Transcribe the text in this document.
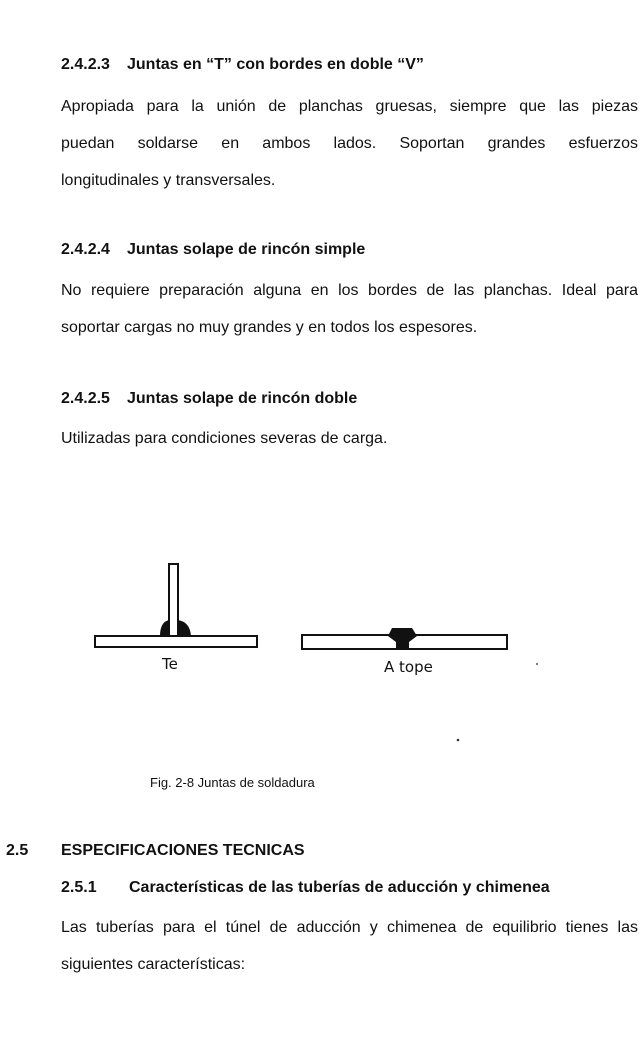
2.4.2.3 Juntas en “T” con bordes en doble “V”
Apropiada para la unión de planchas gruesas, siempre que las piezas
puedan soldarse en ambos lados. Soportan grandes esfuerzos
longitudinales y transversales.
2.4.2.4 Juntas solape de rincón simple
No requiere preparación alguna en los bordes de las planchas. Ideal para
soportar cargas no muy grandes y en todos los espesores.
2.4.2.5 Juntas solape de rincón doble
Utilizadas para condiciones severas de carga.
Te	A tope
Fig. 2-8 Juntas de soldadura
2.5 ESPECIFICACIONES TECNICAS
2.5.1 Características de las tuberías de aducción y chimenea
Las tuberías para el túnel de aducción y chimenea de equilibrio tienes las
siguientes características:
